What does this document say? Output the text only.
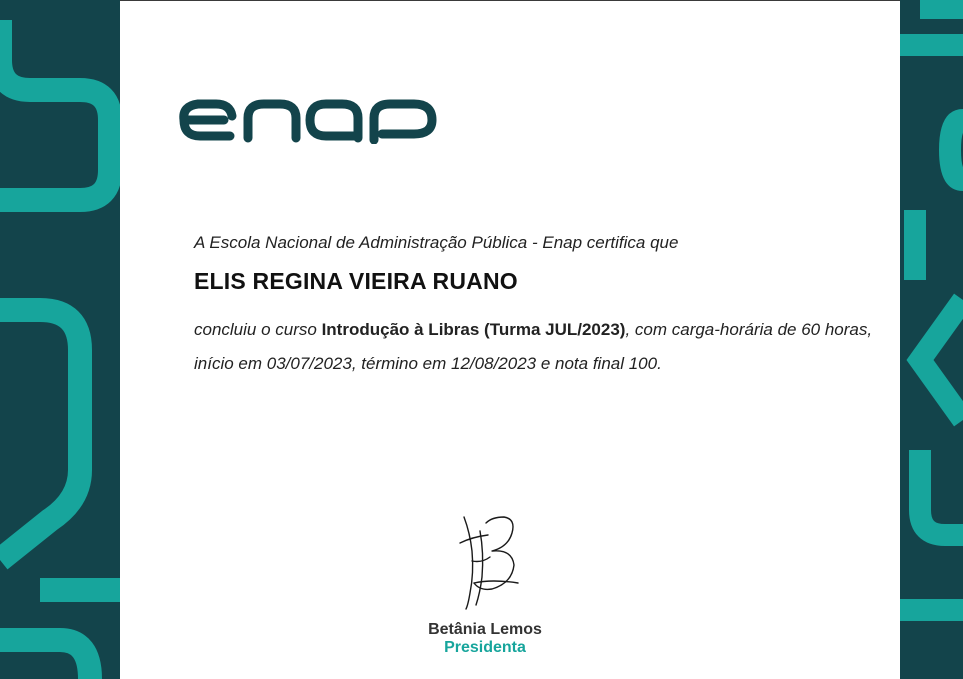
A Escola Nacional de Administração Pública - Enap certifica que
ELIS REGINA VIEIRA RUANO
concluiu o curso Introdução à Libras (Turma JUL/2023), com carga-horária de 60 horas, início em 03/07/2023, término em 12/08/2023 e nota final 100.
Betânia Lemos
Presidenta
